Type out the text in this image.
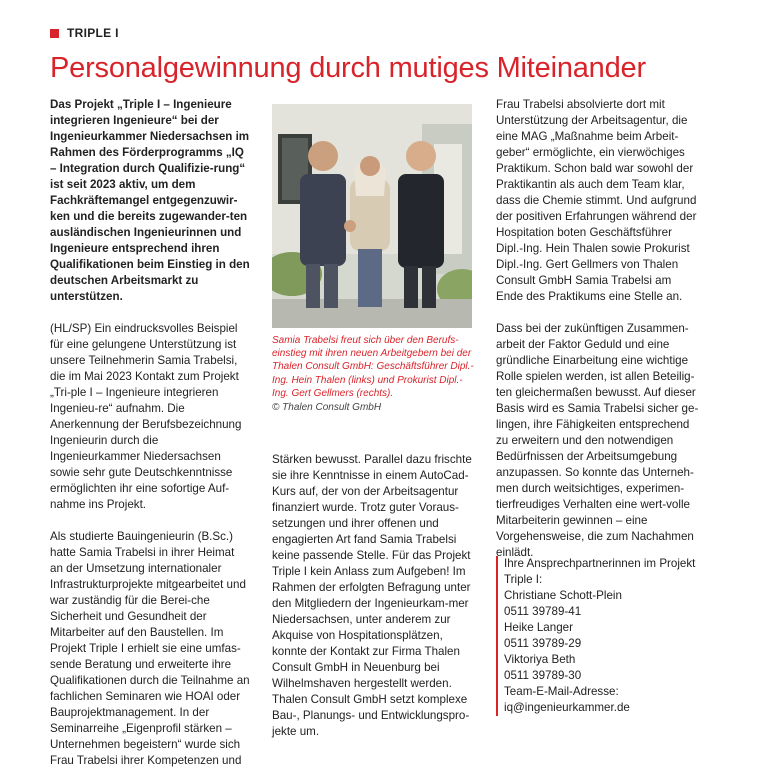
TRIPLE I
Personalgewinnung durch mutiges Miteinander

Das Projekt „Triple I – Ingenieure integrieren Ingenieure“ bei der Ingenieurkammer Niedersachsen im Rahmen des Förderprogramms „IQ – Integration durch Qualifizie-rung“ ist seit 2023 aktiv, um dem Fachkräftemangel entgegenzuwir-ken und die bereits zugewander-ten ausländischen Ingenieurinnen und Ingenieure entsprechend ihren Qualifikationen beim Einstieg in den deutschen Arbeitsmarkt zu unterstützen.

(HL/SP) Ein eindrucksvolles Beispiel für eine gelungene Unterstützung ist unsere Teilnehmerin Samia Trabelsi, die im Mai 2023 Kontakt zum Projekt „Tri-ple I – Ingenieure integrieren Ingenieu-re“ aufnahm. Die Anerkennung der Berufsbezeichnung Ingenieurin durch die Ingenieurkammer Niedersachsen sowie sehr gute Deutschkenntnisse ermöglichten ihr eine sofortige Auf-nahme ins Projekt.

Als studierte Bauingenieurin (B.Sc.) hatte Samia Trabelsi in ihrer Heimat an der Umsetzung internationaler Infrastrukturprojekte mitgearbeitet und war zuständig für die Berei-che Sicherheit und Gesundheit der Mitarbeiter auf den Baustellen. Im Projekt Triple I erhielt sie eine umfas-sende Beratung und erweiterte ihre Qualifikationen durch die Teilnahme an fachlichen Seminaren wie HOAI oder Bauprojektmanagement. In der Seminarreihe „Eigenprofil stärken – Unternehmen begeistern“ wurde sich Frau Trabelsi ihrer Kompetenzen und

Samia Trabelsi freut sich über den Berufs-einstieg mit ihren neuen Arbeitgebern bei der Thalen Consult GmbH: Geschäftsführer Dipl.-Ing. Hein Thalen (links) und Prokurist Dipl.-Ing. Gert Gellmers (rechts).
© Thalen Consult GmbH

Stärken bewusst. Parallel dazu frischte sie ihre Kenntnisse in einem AutoCad-Kurs auf, der von der Arbeitsagentur finanziert wurde. Trotz guter Voraus-setzungen und ihrer offenen und engagierten Art fand Samia Trabelsi keine passende Stelle. Für das Projekt Triple I kein Anlass zum Aufgeben! Im Rahmen der erfolgten Befragung unter den Mitgliedern der Ingenieurkam-mer Niedersachsen, unter anderem zur Akquise von Hospitationsplätzen, konnte der Kontakt zur Firma Thalen Consult GmbH in Neuenburg bei Wilhelmshaven hergestellt werden. Thalen Consult GmbH setzt komplexe Bau-, Planungs- und Entwicklungspro-jekte um.

Frau Trabelsi absolvierte dort mit Unterstützung der Arbeitsagentur, die eine MAG „Maßnahme beim Arbeit-geber“ ermöglichte, ein vierwöchiges Praktikum. Schon bald war sowohl der Praktikantin als auch dem Team klar, dass die Chemie stimmt. Und aufgrund der positiven Erfahrungen während der Hospitation boten Geschäftsführer Dipl.-Ing. Hein Thalen sowie Prokurist Dipl.-Ing. Gert Gellmers von Thalen Consult GmbH Samia Trabelsi am Ende des Praktikums eine Stelle an.

Dass bei der zukünftigen Zusammen-arbeit der Faktor Geduld und eine gründliche Einarbeitung eine wichtige Rolle spielen werden, ist allen Beteilig-ten gleichermaßen bewusst. Auf dieser Basis wird es Samia Trabelsi sicher ge-lingen, ihre Fähigkeiten entsprechend zu erweitern und den notwendigen Bedürfnissen der Arbeitsumgebung anzupassen. So konnte das Unterneh-men durch weitsichtiges, experimen-tierfreudiges Verhalten eine wert-volle Mitarbeiterin gewinnen – eine Vorgehensweise, die zum Nachahmen einlädt.

Ihre Ansprechpartnerinnen im Projekt
Triple I:
Christiane Schott-Plein
0511 39789-41
Heike Langer
0511 39789-29
Viktoriya Beth
0511 39789-30
Team-E-Mail-Adresse:
iq@ingenieurkammer.de
